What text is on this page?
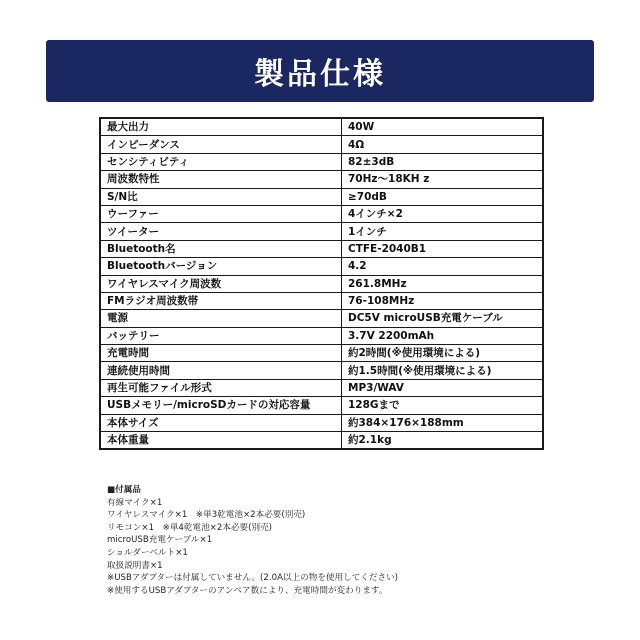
製品仕様
最大出力	40W
インピーダンス	4Ω
センシティビティ	82±3dB
周波数特性	70Hz～18KH z
S/N比	≥70dB
ウーファー	4インチ×2
ツイーター	1インチ
Bluetooth名	CTFE-2040B1
Bluetoothバージョン	4.2
ワイヤレスマイク周波数	261.8MHz
FMラジオ周波数帯	76-108MHz
電源	DC5V microUSB充電ケーブル
バッテリー	3.7V 2200mAh
充電時間	約2時間(※使用環境による)
連続使用時間	約1.5時間(※使用環境による)
再生可能ファイル形式	MP3/WAV
USBメモリー/microSDカードの対応容量	128Gまで
本体サイズ	約384×176×188mm
本体重量	約2.1kg
■付属品
有線マイク×1
ワイヤレスマイク×1　※単3乾電池×2本必要(別売)
リモコン×1　※単4乾電池×2本必要(別売)
microUSB充電ケーブル×1
ショルダーベルト×1
取扱説明書×1
※USBアダプターは付属していません。(2.0A以上の物を使用してください)
※使用するUSBアダプターのアンペア数により、充電時間が変わります。
